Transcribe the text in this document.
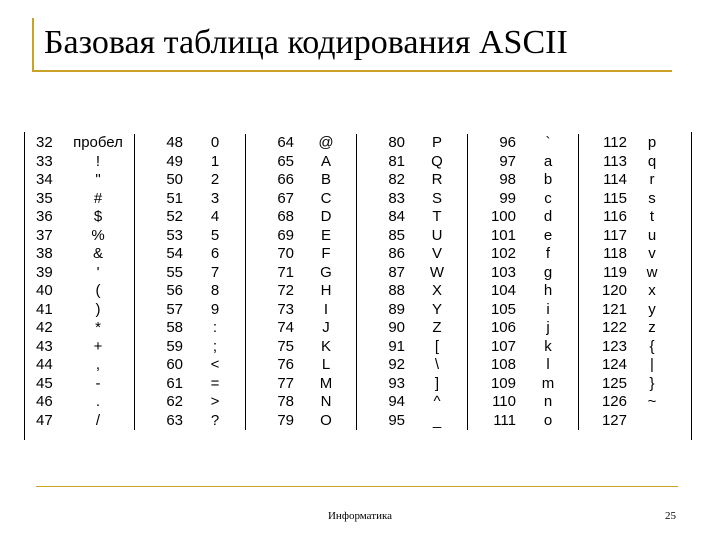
Базовая таблица кодирования ASCII
32
33
34
35
36
37
38
39
40
41
42
43
44
45
46
47
пробел
!
"
#
$
%
&
'
(
)
*
+
,
-
.
/
48
49
50
51
52
53
54
55
56
57
58
59
60
61
62
63
0
1
2
3
4
5
6
7
8
9
:
;
<
=
>
?
64
65
66
67
68
69
70
71
72
73
74
75
76
77
78
79
@
A
B
C
D
E
F
G
H
I
J
K
L
M
N
O
80
81
82
83
84
85
86
87
88
89
90
91
92
93
94
95
P
Q
R
S
T
U
V
W
X
Y
Z
[
\
]
^
_
96
97
98
99
100
101
102
103
104
105
106
107
108
109
110
111
`
a
b
c
d
e
f
g
h
i
j
k
l
m
n
o
112
113
114
115
116
117
118
119
120
121
122
123
124
125
126
127
p
q
r
s
t
u
v
w
x
y
z
{
|
}
~
Информатика	25
